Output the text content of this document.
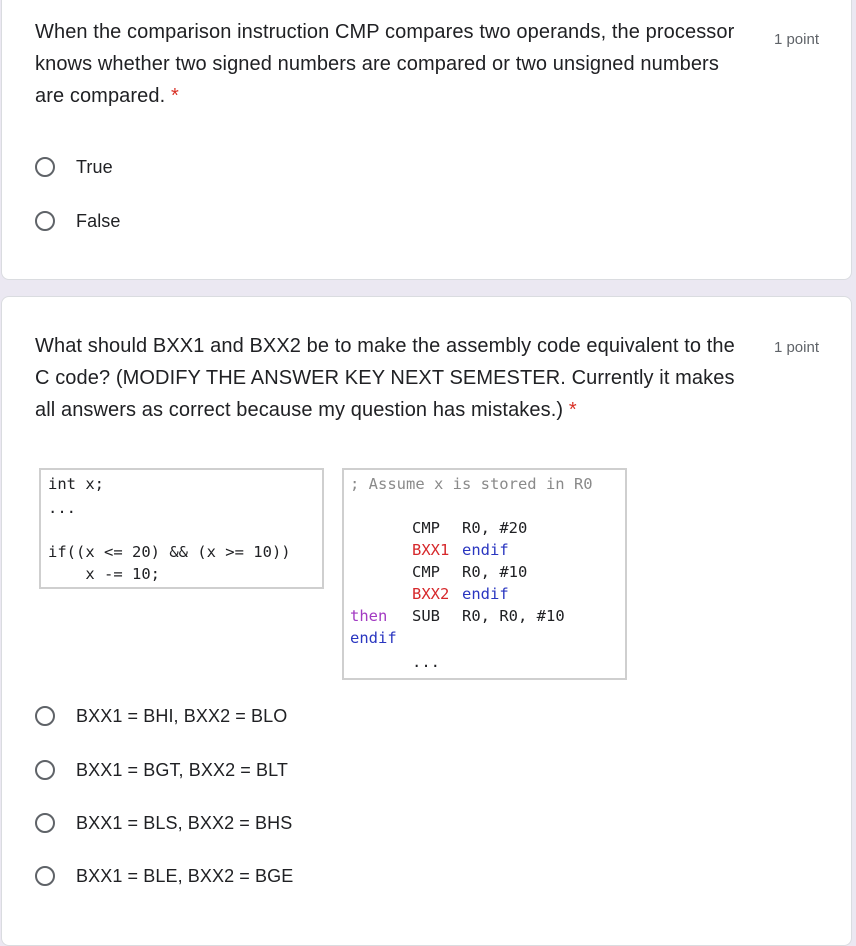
When the comparison instruction CMP compares two operands, the processor knows whether two signed numbers are compared or two unsigned numbers are compared. *
1 point
True
False
What should BXX1 and BXX2 be to make the assembly code equivalent to the C code? (MODIFY THE ANSWER KEY NEXT SEMESTER. Currently it makes all answers as correct because my question has mistakes.) *
1 point

int x;

...

if((x <= 20) && (x >= 10))

x -= 10;

; Assume x is stored in R0

CMP

R0, #20

BXX1

endif

CMP

R0, #10

BXX2

endif

then

SUB

R0, R0, #10

endif

...

BXX1 = BHI, BXX2 = BLO
BXX1 = BGT, BXX2 = BLT
BXX1 = BLS, BXX2 = BHS
BXX1 = BLE, BXX2 = BGE
